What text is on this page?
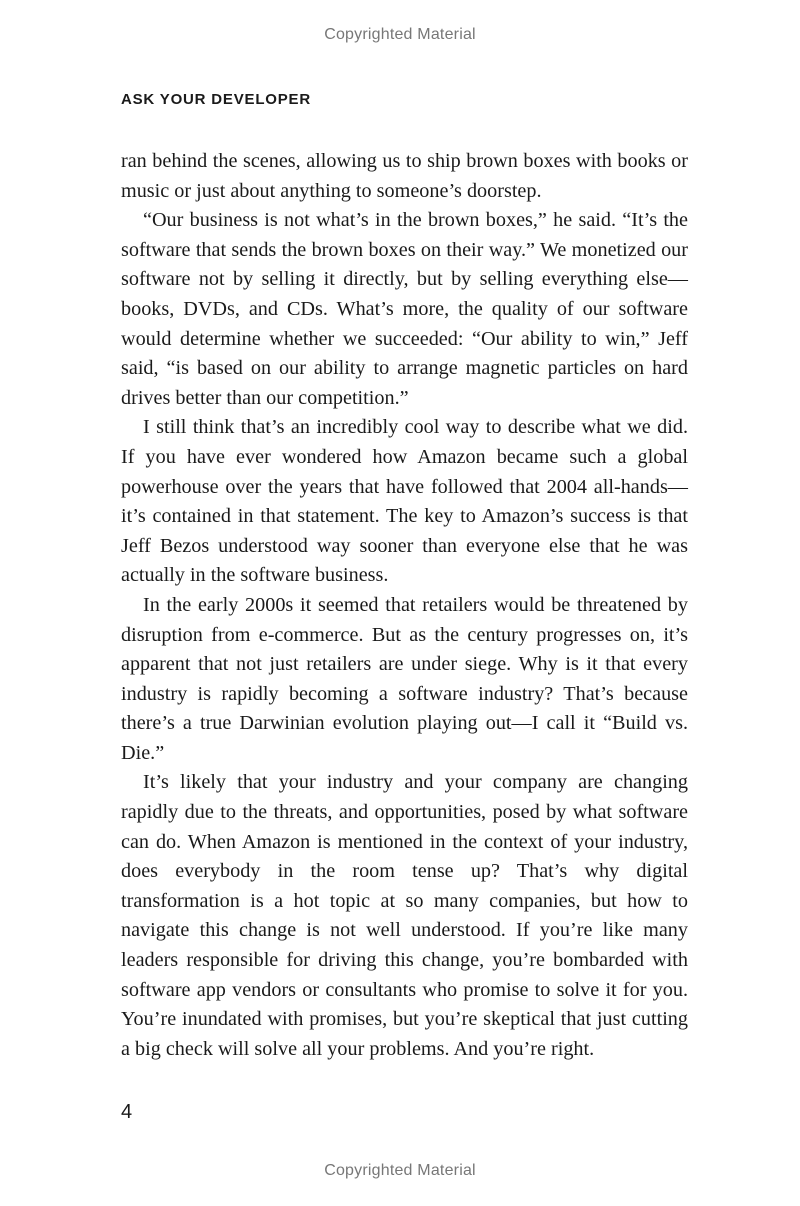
Copyrighted Material
ASK YOUR DEVELOPER

ran behind the scenes, allowing us to ship brown boxes with books or music or just about anything to someone’s doorstep.

“Our business is not what’s in the brown boxes,” he said. “It’s the software that sends the brown boxes on their way.” We monetized our software not by selling it directly, but by selling everything else—books, DVDs, and CDs. What’s more, the quality of our software would determine whether we succeeded: “Our ability to win,” Jeff said, “is based on our ability to arrange magnetic particles on hard drives better than our competition.”

I still think that’s an incredibly cool way to describe what we did. If you have ever wondered how Amazon became such a global powerhouse over the years that have followed that 2004 all-hands— it’s contained in that statement. The key to Amazon’s success is that Jeff Bezos understood way sooner than everyone else that he was actually in the software business.

In the early 2000s it seemed that retailers would be threatened by disruption from e-commerce. But as the century progresses on, it’s apparent that not just retailers are under siege. Why is it that every industry is rapidly becoming a software industry? That’s because there’s a true Darwinian evolution playing out—I call it “Build vs. Die.”

It’s likely that your industry and your company are changing rapidly due to the threats, and opportunities, posed by what software can do. When Amazon is mentioned in the context of your industry, does everybody in the room tense up? That’s why digital transformation is a hot topic at so many companies, but how to navigate this change is not well understood. If you’re like many leaders responsible for driving this change, you’re bombarded with software app vendors or consultants who promise to solve it for you. You’re inundated with promises, but you’re skeptical that just cutting a big check will solve all your problems. And you’re right.

4
Copyrighted Material
